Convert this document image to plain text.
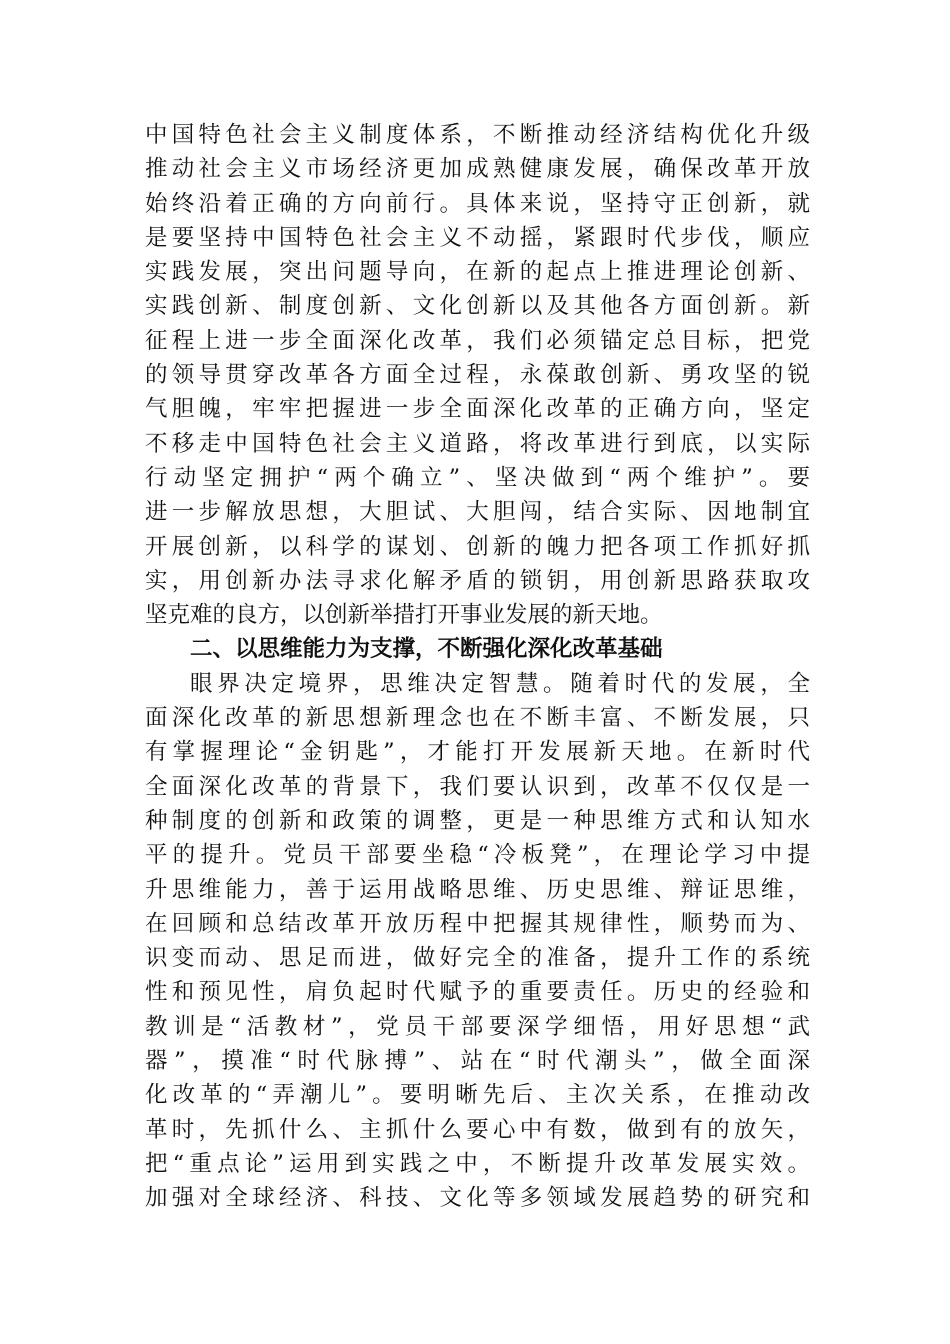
中国特色社会主义制度体系，不断推动经济结构优化升级
推动社会主义市场经济更加成熟健康发展，确保改革开放
始终沿着正确的方向前行。具体来说，坚持守正创新，就
是要坚持中国特色社会主义不动摇，紧跟时代步伐，顺应
实践发展，突出问题导向，在新的起点上推进理论创新、
实践创新、制度创新、文化创新以及其他各方面创新。新
征程上进一步全面深化改革，我们必须锚定总目标，把党
的领导贯穿改革各方面全过程，永葆敢创新、勇攻坚的锐
气胆魄，牢牢把握进一步全面深化改革的正确方向，坚定
不移走中国特色社会主义道路，将改革进行到底，以实际
行动坚定拥护“两个确立”、坚决做到“两个维护”。要
进一步解放思想，大胆试、大胆闯，结合实际、因地制宜
开展创新，以科学的谋划、创新的魄力把各项工作抓好抓
实，用创新办法寻求化解矛盾的锁钥，用创新思路获取攻
坚克难的良方，以创新举措打开事业发展的新天地。
二、以思维能力为支撑，不断强化深化改革基础
眼界决定境界，思维决定智慧。随着时代的发展，全
面深化改革的新思想新理念也在不断丰富、不断发展，只
有掌握理论“金钥匙”，才能打开发展新天地。在新时代
全面深化改革的背景下，我们要认识到，改革不仅仅是一
种制度的创新和政策的调整，更是一种思维方式和认知水
平的提升。党员干部要坐稳“冷板凳”，在理论学习中提
升思维能力，善于运用战略思维、历史思维、辩证思维，
在回顾和总结改革开放历程中把握其规律性，顺势而为、
识变而动、思足而进，做好完全的准备，提升工作的系统
性和预见性，肩负起时代赋予的重要责任。历史的经验和
教训是“活教材”，党员干部要深学细悟，用好思想“武
器”，摸准“时代脉搏”、站在“时代潮头”，做全面深
化改革的“弄潮儿”。要明晰先后、主次关系，在推动改
革时，先抓什么、主抓什么要心中有数，做到有的放矢，
把“重点论”运用到实践之中，不断提升改革发展实效。
加强对全球经济、科技、文化等多领域发展趋势的研究和
